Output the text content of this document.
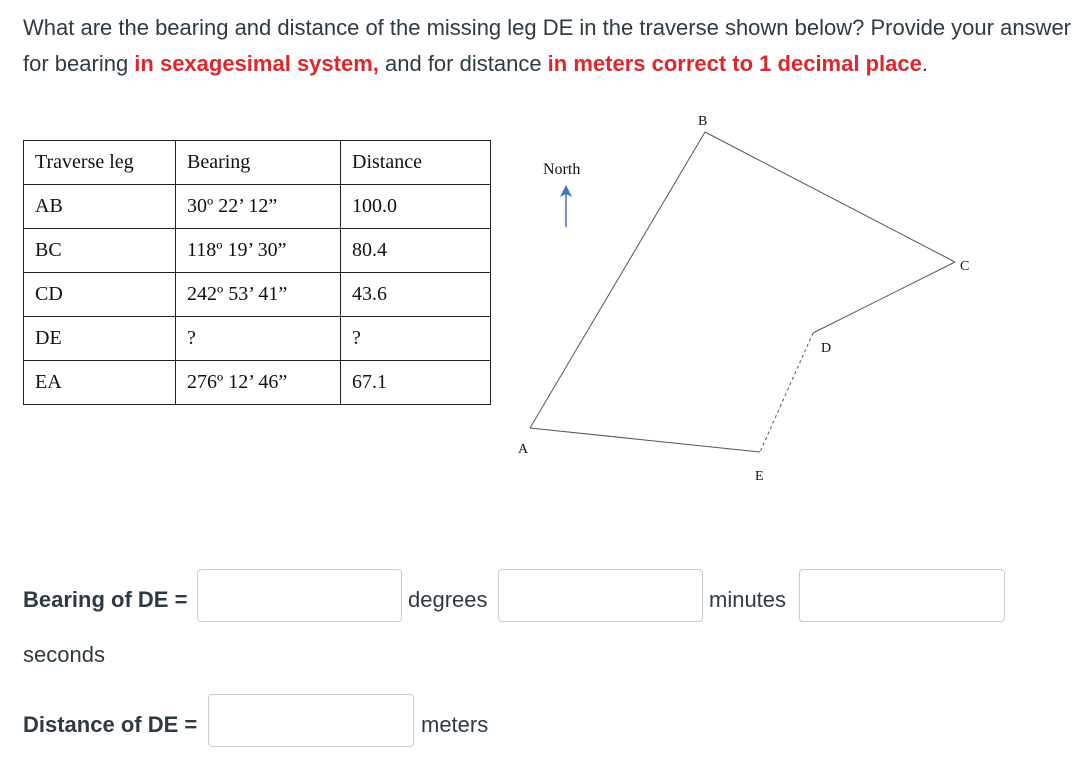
What are the bearing and distance of the missing leg DE in the traverse shown below? Provide your answer for bearing in sexagesimal system, and for distance in meters correct to 1 decimal place.
Traverse leg	Bearing	Distance
AB	30º 22’ 12”	100.0
BC	118º 19’ 30”	80.4
CD	242º 53’ 41”	43.6
DE	?	?
EA	276º 12’ 46”	67.1
North
A
B
C
D
E
Bearing of DE =	degrees	minutes
seconds
Distance of DE =	meters
